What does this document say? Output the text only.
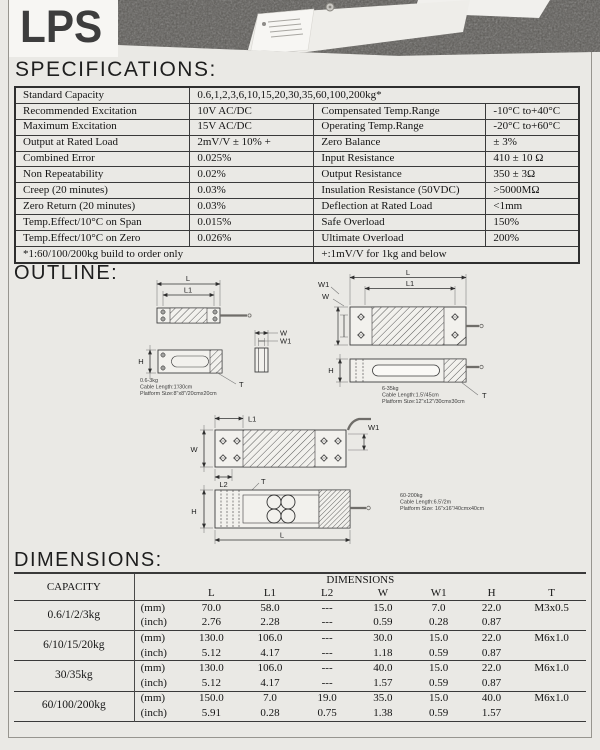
LPS
SPECIFICATIONS:
Standard Capacity	0.6,1,2,3,6,10,15,20,30,35,60,100,200kg*		
Recommended Excitation	10V AC/DC	Compensated Temp.Range	-10°C to+40°C
Maximum Excitation	15V AC/DC	Operating Temp.Range	-20°C to+60°C
Output at Rated Load	2mV/V ± 10% +	Zero Balance	± 3%
Combined Error	0.025%	Input Resistance	410 ± 10 Ω
Non Repeatability	0.02%	Output Resistance	350 ± 3Ω
Creep (20 minutes)	0.03%	Insulation Resistance (50VDC)	>5000MΩ
Zero Return (20 minutes)	0.03%	Deflection at Rated Load	<1mm
Temp.Effect/10°C on Span	0.015%	Safe Overload	150%
Temp.Effect/10°C on Zero	0.026%	Ultimate Overload	200%
*1:60/100/200kg build to order only		+:1mV/V for 1kg and below	
OUTLINE:	L
L1
W
W1
H
T
0.6-3kg
Cable Length:1'/30cm
Platform Size:8"x8"/20cmx20cm
L
L1
W1
W
H
T
6-35kg
Cable Length:1.5'/45cm
Platform Size:12"x12"/30cmx30cm
L1
W1
W
L2	T
H
L
60-200kg
Cable Length:6.5'/2m
Platform Size: 16"x16"/40cmx40cm
DIMENSIONS:
CAPACITY	DIMENSIONS							
		L	L1	L2	W	W1	H	T
0.6/1/2/3kg	(mm)	70.0	58.0	---	15.0	7.0	22.0	M3x0.5
	(inch)	2.76	2.28	---	0.59	0.28	0.87	
6/10/15/20kg	(mm)	130.0	106.0	---	30.0	15.0	22.0	M6x1.0
	(inch)	5.12	4.17	---	1.18	0.59	0.87	
30/35kg	(mm)	130.0	106.0	---	40.0	15.0	22.0	M6x1.0
	(inch)	5.12	4.17	---	1.57	0.59	0.87	
60/100/200kg	(mm)	150.0	7.0	19.0	35.0	15.0	40.0	M6x1.0
	(inch)	5.91	0.28	0.75	1.38	0.59	1.57	
